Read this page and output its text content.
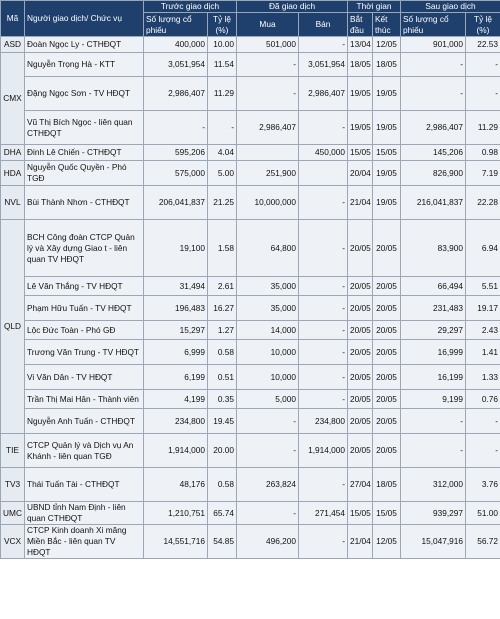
Mã	Người giao dịch/ Chức vụ	Trước giao dịch		Đã giao dịch		Thời gian		Sau giao dịch	
		Số lượng cổ phiếu	Tỷ lệ (%)	Mua	Bán	Bắt đầu	Kết thúc	Số lượng cổ phiếu	Tỷ lệ (%)
ASD	Đoàn Ngọc Ly - CTHĐQT	400,000	10.00	501,000	-	13/04	12/05	901,000	22.53
CMX	Nguyễn Trọng Hà - KTT	3,051,954	11.54	-	3,051,954	18/05	18/05	-	-
	Đặng Ngọc Sơn - TV HĐQT	2,986,407	11.29	-	2,986,407	19/05	19/05	-	-
	Vũ Thị Bích Ngọc - liên quan CTHĐQT	-	-	2,986,407	-	19/05	19/05	2,986,407	11.29
DHA	Đinh Lê Chiến - CTHĐQT	595,206	4.04		450,000	15/05	15/05	145,206	0.98
HDA	Nguyễn Quốc Quyền - Phó TGĐ	575,000	5.00	251,900		20/04	19/05	826,900	7.19
NVL	Bùi Thành Nhơn - CTHĐQT	206,041,837	21.25	10,000,000	-	21/04	19/05	216,041,837	22.28
QLD	BCH Công đoàn CTCP Quản lý và Xây dựng Giao t - liên quan TV HĐQT	19,100	1.58	64,800	-	20/05	20/05	83,900	6.94
	Lê Văn Thắng - TV HĐQT	31,494	2.61	35,000	-	20/05	20/05	66,494	5.51
	Phạm Hữu Tuấn - TV HĐQT	196,483	16.27	35,000	-	20/05	20/05	231,483	19.17
	Lộc Đức Toàn - Phó GĐ	15,297	1.27	14,000	-	20/05	20/05	29,297	2.43
	Trương Văn Trung - TV HĐQT	6,999	0.58	10,000	-	20/05	20/05	16,999	1.41
	Vi Văn Dân - TV HĐQT	6,199	0.51	10,000	-	20/05	20/05	16,199	1.33
	Trần Thị Mai Hân - Thành viên	4,199	0.35	5,000	-	20/05	20/05	9,199	0.76
	Nguyễn Anh Tuấn - CTHĐQT	234,800	19.45	-	234,800	20/05	20/05	-	-
TIE	CTCP Quản lý và Dịch vụ An Khánh - liên quan TGĐ	1,914,000	20.00	-	1,914,000	20/05	20/05	-	-
TV3	Thái Tuấn Tài - CTHĐQT	48,176	0.58	263,824	-	27/04	18/05	312,000	3.76
UMC	UBND tỉnh Nam Định - liên quan CTHĐQT	1,210,751	65.74	-	271,454	15/05	15/05	939,297	51.00
VCX	CTCP Kinh doanh Xi măng Miền Bắc - liên quan TV HĐQT	14,551,716	54.85	496,200	-	21/04	12/05	15,047,916	56.72
